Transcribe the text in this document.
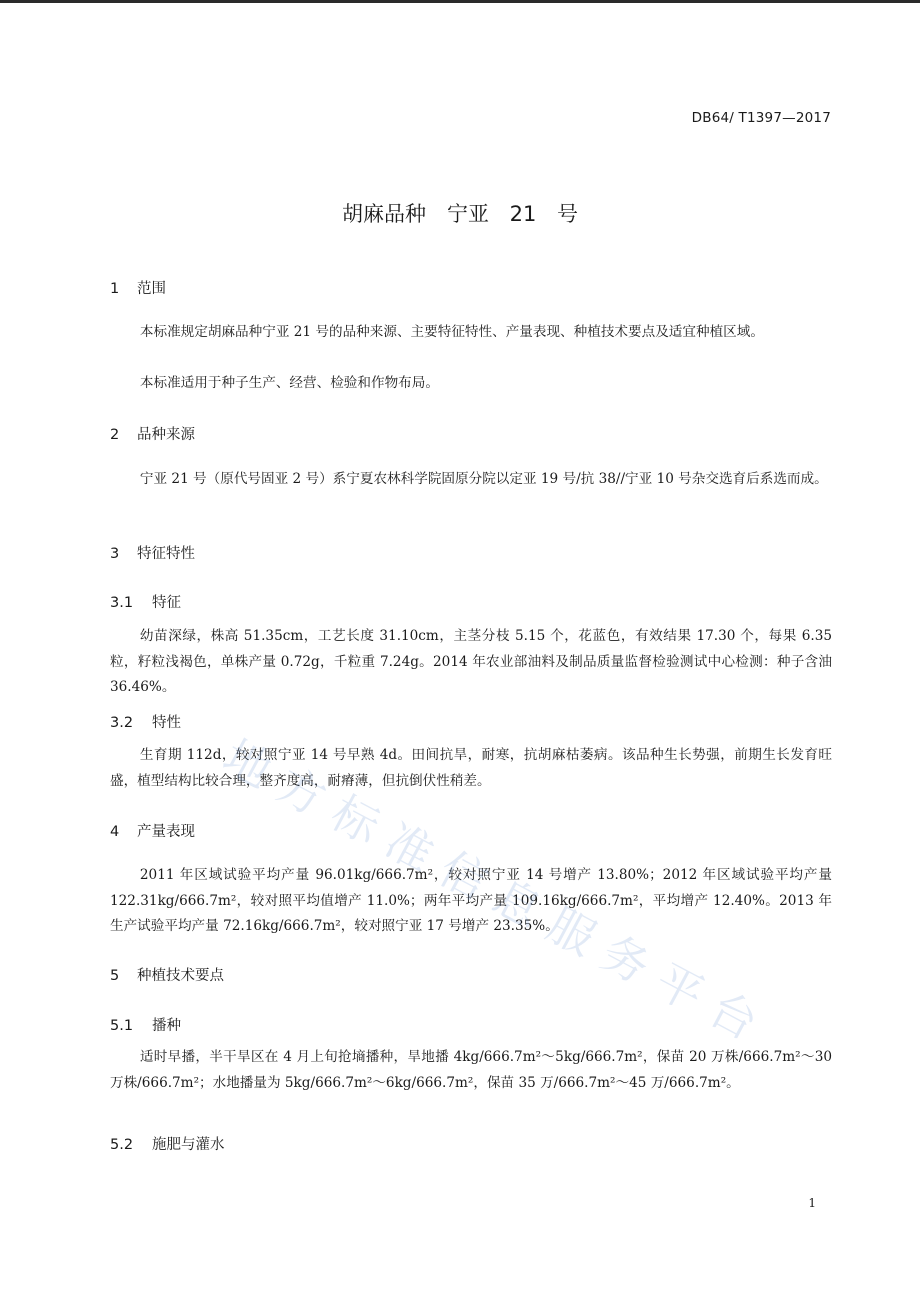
DB64/ T1397—2017
胡麻品种　宁亚 21 号
1 范围

本标准规定胡麻品种宁亚 21 号的品种来源、主要特征特性、产量表现、种植技术要点及适宜种植区域。

本标准适用于种子生产、经营、检验和作物布局。

2 品种来源

宁亚 21 号（原代号固亚 2 号）系宁夏农林科学院固原分院以定亚 19 号/抗 38//宁亚 10 号杂交选育后系选而成。

3 特征特性
3.1 特征

幼苗深绿，株高 51.35cm，工艺长度 31.10cm，主茎分枝 5.15 个，花蓝色，有效结果 17.30 个，每果 6.35 粒，籽粒浅褐色，单株产量 0.72g，千粒重 7.24g。2014 年农业部油料及制品质量监督检验测试中心检测：种子含油 36.46%。

3.2 特性

生育期 112d，较对照宁亚 14 号早熟 4d。田间抗旱，耐寒，抗胡麻枯萎病。该品种生长势强，前期生长发育旺盛，植型结构比较合理，整齐度高，耐瘠薄，但抗倒伏性稍差。

4 产量表现

2011 年区域试验平均产量 96.01kg/666.7m²，较对照宁亚 14 号增产 13.80%；2012 年区域试验平均产量 122.31kg/666.7m²，较对照平均值增产 11.0%；两年平均产量 109.16kg/666.7m²，平均增产 12.40%。2013 年生产试验平均产量 72.16kg/666.7m²，较对照宁亚 17 号增产 23.35%。

5 种植技术要点
5.1 播种

适时早播，半干旱区在 4 月上旬抢墒播种，旱地播 4kg/666.7m²～5kg/666.7m²，保苗 20 万株/666.7m²～30 万株/666.7m²；水地播量为 5kg/666.7m²～6kg/666.7m²，保苗 35 万/666.7m²～45 万/666.7m²。

5.2 施肥与灌水
地
方
标
准
信
息
服
务
平
台
1
